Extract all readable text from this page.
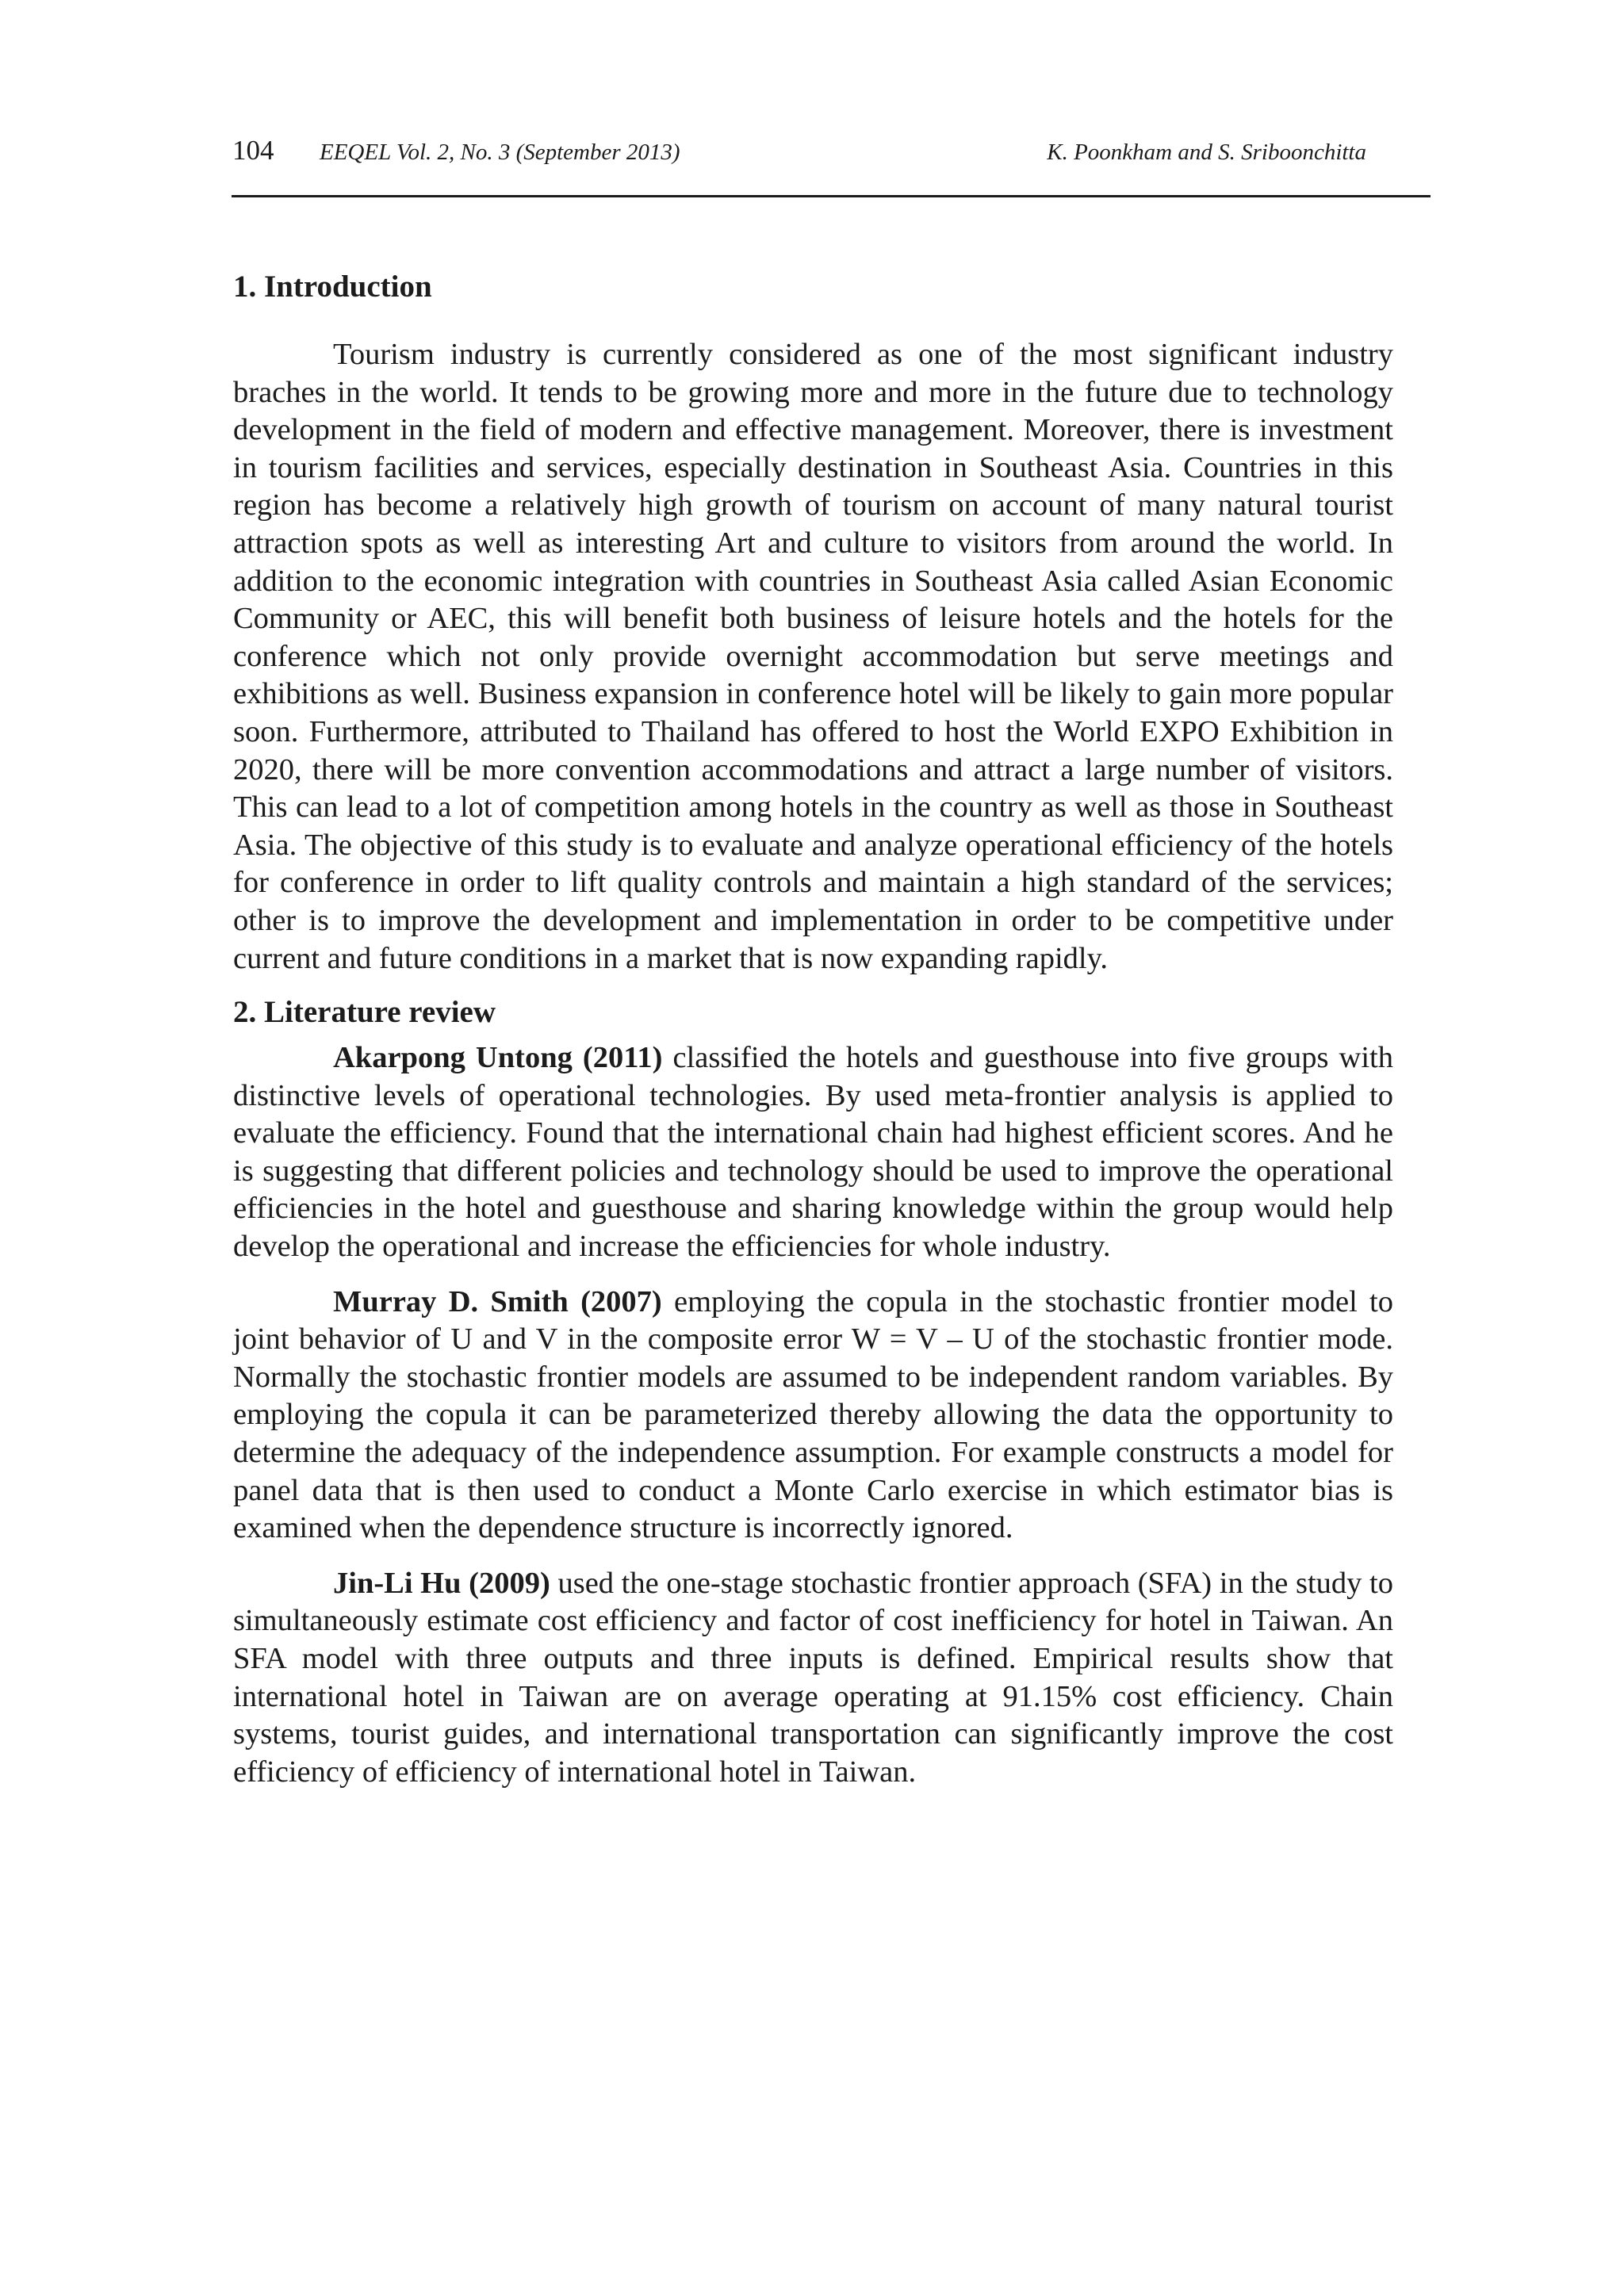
104 EEQEL Vol. 2, No. 3 (September 2013)	K. Poonkham and S. Sriboonchitta
1. Introduction

Tourism industry is currently considered as one of the most significant industry braches in the world. It tends to be growing more and more in the future due to technology development in the field of modern and effective management. Moreover, there is investment in tourism facilities and services, especially destination in Southeast Asia. Countries in this region has become a relatively high growth of tourism on account of many natural tourist attraction spots as well as interesting Art and culture to visitors from around the world. In addition to the economic integration with countries in Southeast Asia called Asian Economic Community or AEC, this will benefit both business of leisure hotels and the hotels for the conference which not only provide overnight accommodation but serve meetings and exhibitions as well. Business expansion in conference hotel will be likely to gain more popular soon. Furthermore, attributed to Thailand has offered to host the World EXPO Exhibition in 2020, there will be more convention accommodations and attract a large number of visitors. This can lead to a lot of competition among hotels in the country as well as those in Southeast Asia. The objective of this study is to evaluate and analyze operational efficiency of the hotels for conference in order to lift quality controls and maintain a high standard of the services; other is to improve the development and implementation in order to be competitive under current and future conditions in a market that is now expanding rapidly.

2. Literature review

Akarpong Untong (2011) classified the hotels and guesthouse into five groups with distinctive levels of operational technologies. By used meta-frontier analysis is applied to evaluate the efficiency. Found that the international chain had highest efficient scores. And he is suggesting that different policies and technology should be used to improve the operational efficiencies in the hotel and guesthouse and sharing knowledge within the group would help develop the operational and increase the efficiencies for whole industry.

Murray D. Smith (2007) employing the copula in the stochastic frontier model to joint behavior of U and V in the composite error W = V – U of the stochastic frontier mode. Normally the stochastic frontier models are assumed to be independent random variables. By employing the copula it can be parameterized thereby allowing the data the opportunity to determine the adequacy of the independence assumption. For example constructs a model for panel data that is then used to conduct a Monte Carlo exercise in which estimator bias is examined when the dependence structure is incorrectly ignored.

Jin-Li Hu (2009) used the one-stage stochastic frontier approach (SFA) in the study to simultaneously estimate cost efficiency and factor of cost inefficiency for hotel in Taiwan. An SFA model with three outputs and three inputs is defined. Empirical results show that international hotel in Taiwan are on average operating at 91.15% cost efficiency. Chain systems, tourist guides, and international transportation can significantly improve the cost efficiency of efficiency of international hotel in Taiwan.
